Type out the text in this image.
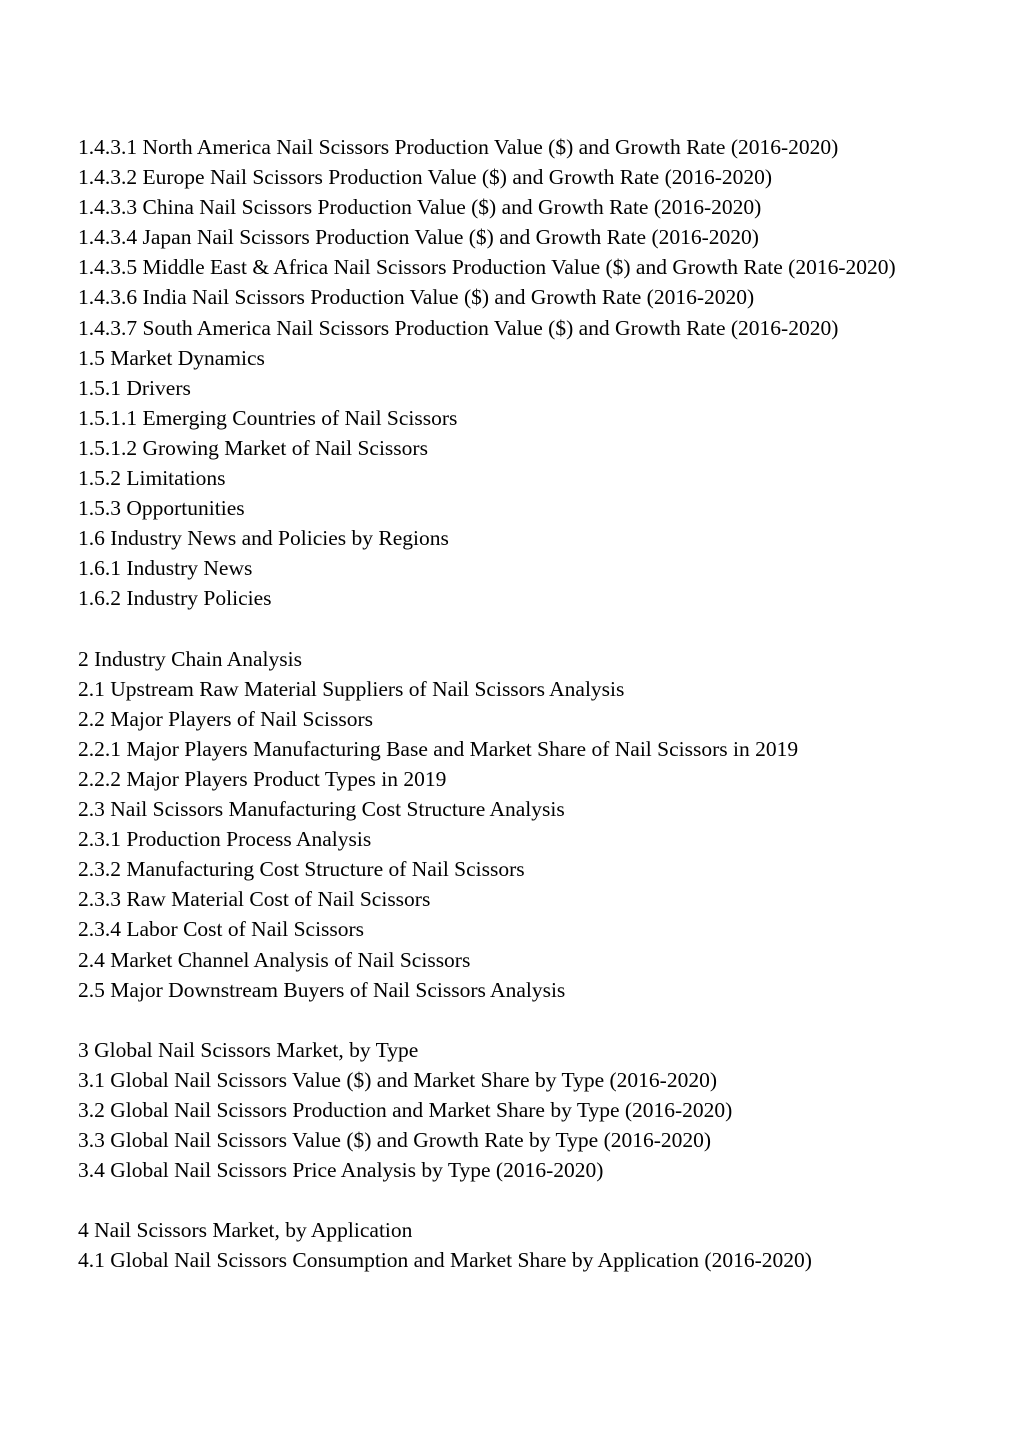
1.4.3.1 North America Nail Scissors Production Value ($) and Growth Rate (2016-2020)
1.4.3.2 Europe Nail Scissors Production Value ($) and Growth Rate (2016-2020)
1.4.3.3 China Nail Scissors Production Value ($) and Growth Rate (2016-2020)
1.4.3.4 Japan Nail Scissors Production Value ($) and Growth Rate (2016-2020)
1.4.3.5 Middle East & Africa Nail Scissors Production Value ($) and Growth Rate (2016-2020)
1.4.3.6 India Nail Scissors Production Value ($) and Growth Rate (2016-2020)
1.4.3.7 South America Nail Scissors Production Value ($) and Growth Rate (2016-2020)
1.5 Market Dynamics
1.5.1 Drivers
1.5.1.1 Emerging Countries of Nail Scissors
1.5.1.2 Growing Market of Nail Scissors
1.5.2 Limitations
1.5.3 Opportunities
1.6 Industry News and Policies by Regions
1.6.1 Industry News
1.6.2 Industry Policies
2 Industry Chain Analysis
2.1 Upstream Raw Material Suppliers of Nail Scissors Analysis
2.2 Major Players of Nail Scissors
2.2.1 Major Players Manufacturing Base and Market Share of Nail Scissors in 2019
2.2.2 Major Players Product Types in 2019
2.3 Nail Scissors Manufacturing Cost Structure Analysis
2.3.1 Production Process Analysis
2.3.2 Manufacturing Cost Structure of Nail Scissors
2.3.3 Raw Material Cost of Nail Scissors
2.3.4 Labor Cost of Nail Scissors
2.4 Market Channel Analysis of Nail Scissors
2.5 Major Downstream Buyers of Nail Scissors Analysis
3 Global Nail Scissors Market, by Type
3.1 Global Nail Scissors Value ($) and Market Share by Type (2016-2020)
3.2 Global Nail Scissors Production and Market Share by Type (2016-2020)
3.3 Global Nail Scissors Value ($) and Growth Rate by Type (2016-2020)
3.4 Global Nail Scissors Price Analysis by Type (2016-2020)
4 Nail Scissors Market, by Application
4.1 Global Nail Scissors Consumption and Market Share by Application (2016-2020)
